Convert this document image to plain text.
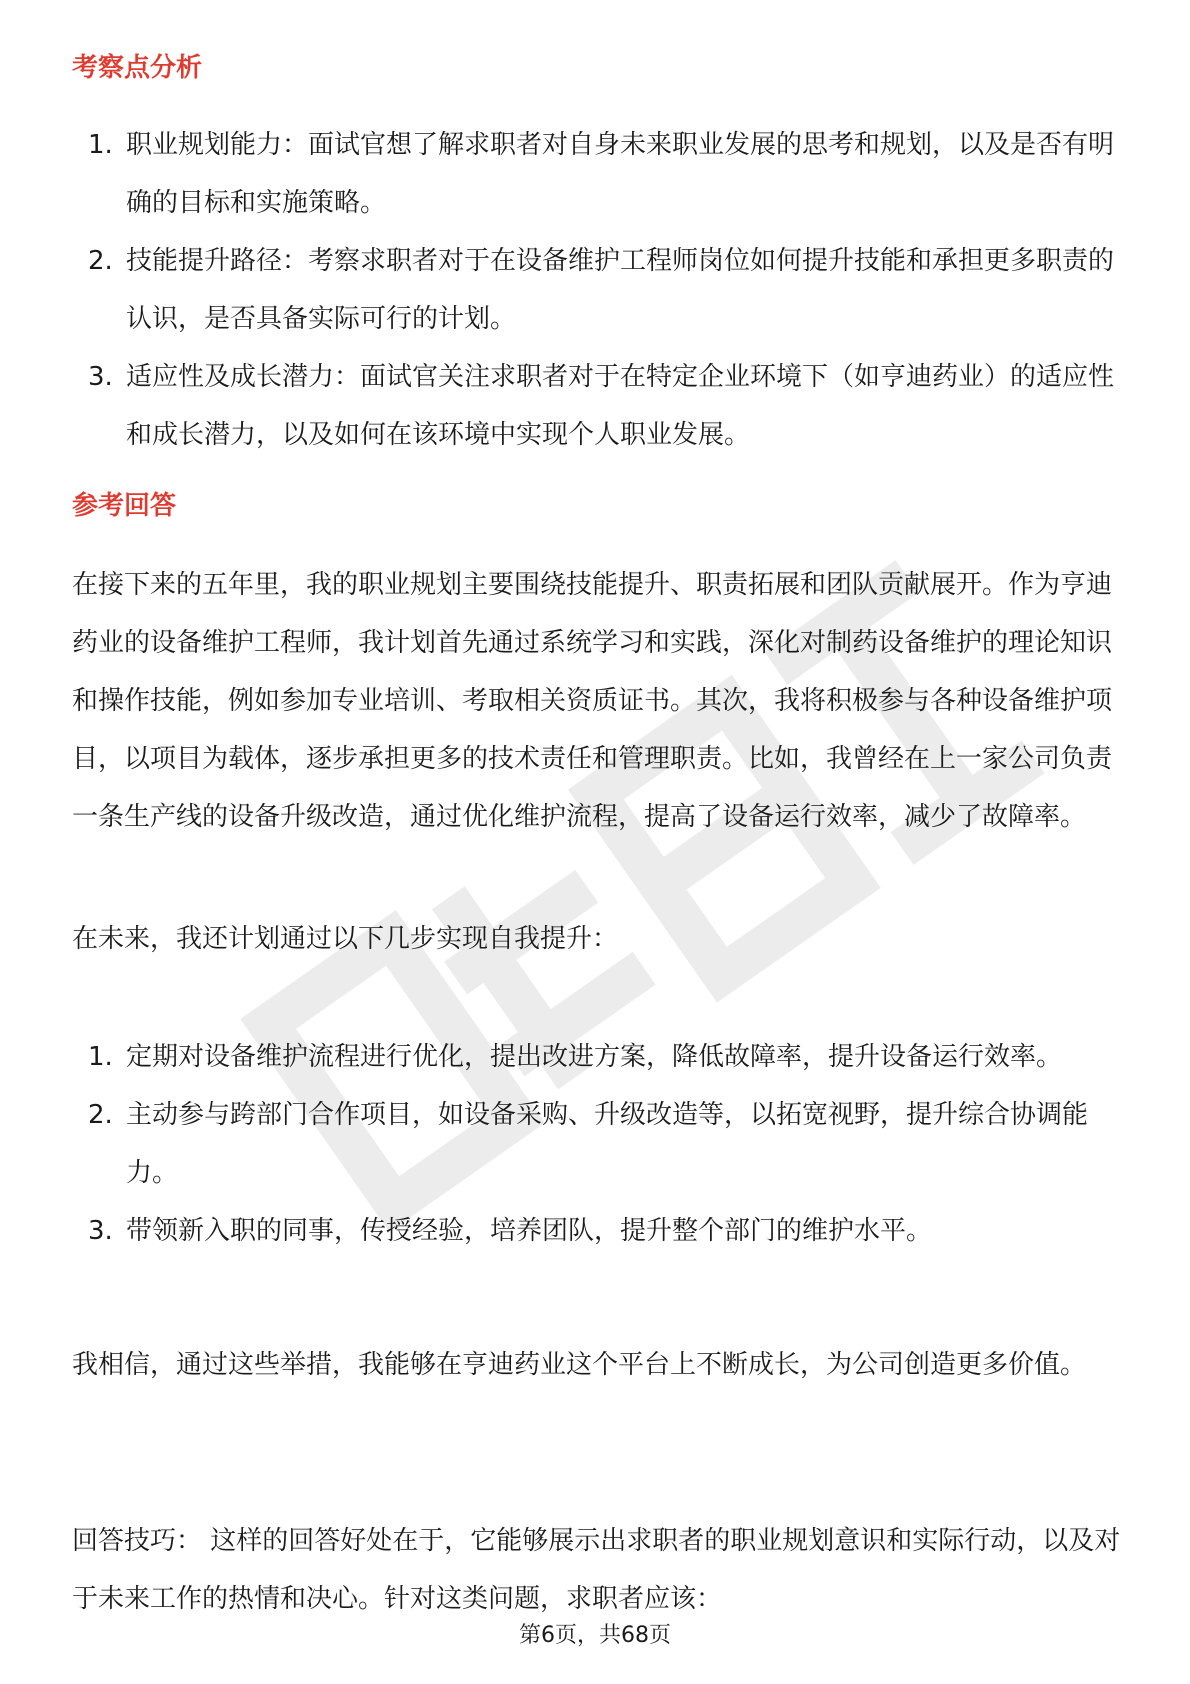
考察点分析
1. 职业规划能力：面试官想了解求职者对自身未来职业发展的思考和规划，以及是否有明确的目标和实施策略。
2. 技能提升路径：考察求职者对于在设备维护工程师岗位如何提升技能和承担更多职责的认识，是否具备实际可行的计划。
3. 适应性及成长潜力：面试官关注求职者对于在特定企业环境下（如亨迪药业）的适应性和成长潜力，以及如何在该环境中实现个人职业发展。
参考回答

在接下来的五年里，我的职业规划主要围绕技能提升、职责拓展和团队贡献展开。作为亨迪药业的设备维护工程师，我计划首先通过系统学习和实践，深化对制药设备维护的理论知识和操作技能，例如参加专业培训、考取相关资质证书。其次，我将积极参与各种设备维护项目，以项目为载体，逐步承担更多的技术责任和管理职责。比如，我曾经在上一家公司负责一条生产线的设备升级改造，通过优化维护流程，提高了设备运行效率，减少了故障率。

在未来，我还计划通过以下几步实现自我提升：

1. 定期对设备维护流程进行优化，提出改进方案，降低故障率，提升设备运行效率。
2. 主动参与跨部门合作项目，如设备采购、升级改造等，以拓宽视野，提升综合协调能力。
3. 带领新入职的同事，传授经验，培养团队，提升整个部门的维护水平。

我相信，通过这些举措，我能够在亨迪药业这个平台上不断成长，为公司创造更多价值。

回答技巧： 这样的回答好处在于，它能够展示出求职者的职业规划意识和实际行动，以及对于未来工作的热情和决心。针对这类问题，求职者应该：

第6页，共68页
